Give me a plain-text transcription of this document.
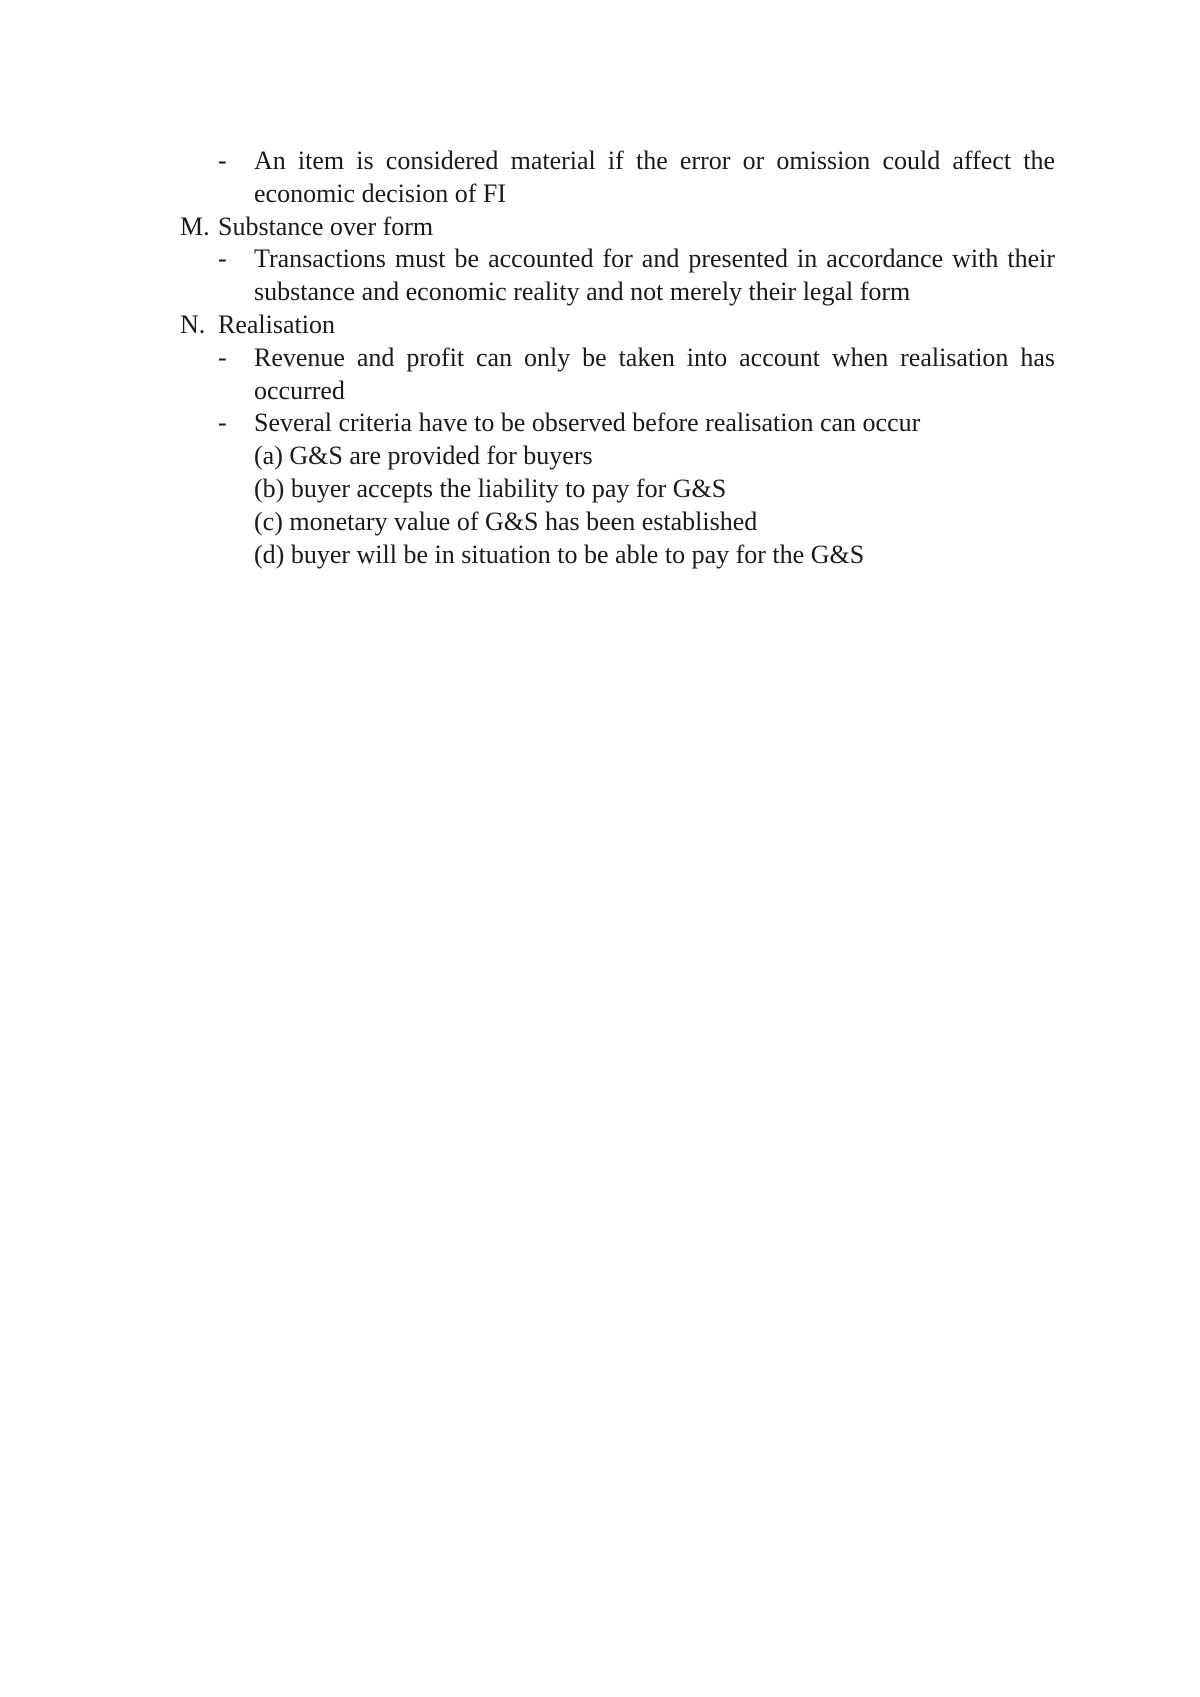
-	An item is considered material if the error or omission could affect the economic decision of FI
M. Substance over form
-	Transactions must be accounted for and presented in accordance with their substance and economic reality and not merely their legal form
N. Realisation
-	Revenue and profit can only be taken into account when realisation has occurred
-	Several criteria have to be observed before realisation can occur
(a) G&S are provided for buyers
(b) buyer accepts the liability to pay for G&S
(c) monetary value of G&S has been established
(d) buyer will be in situation to be able to pay for the G&S
